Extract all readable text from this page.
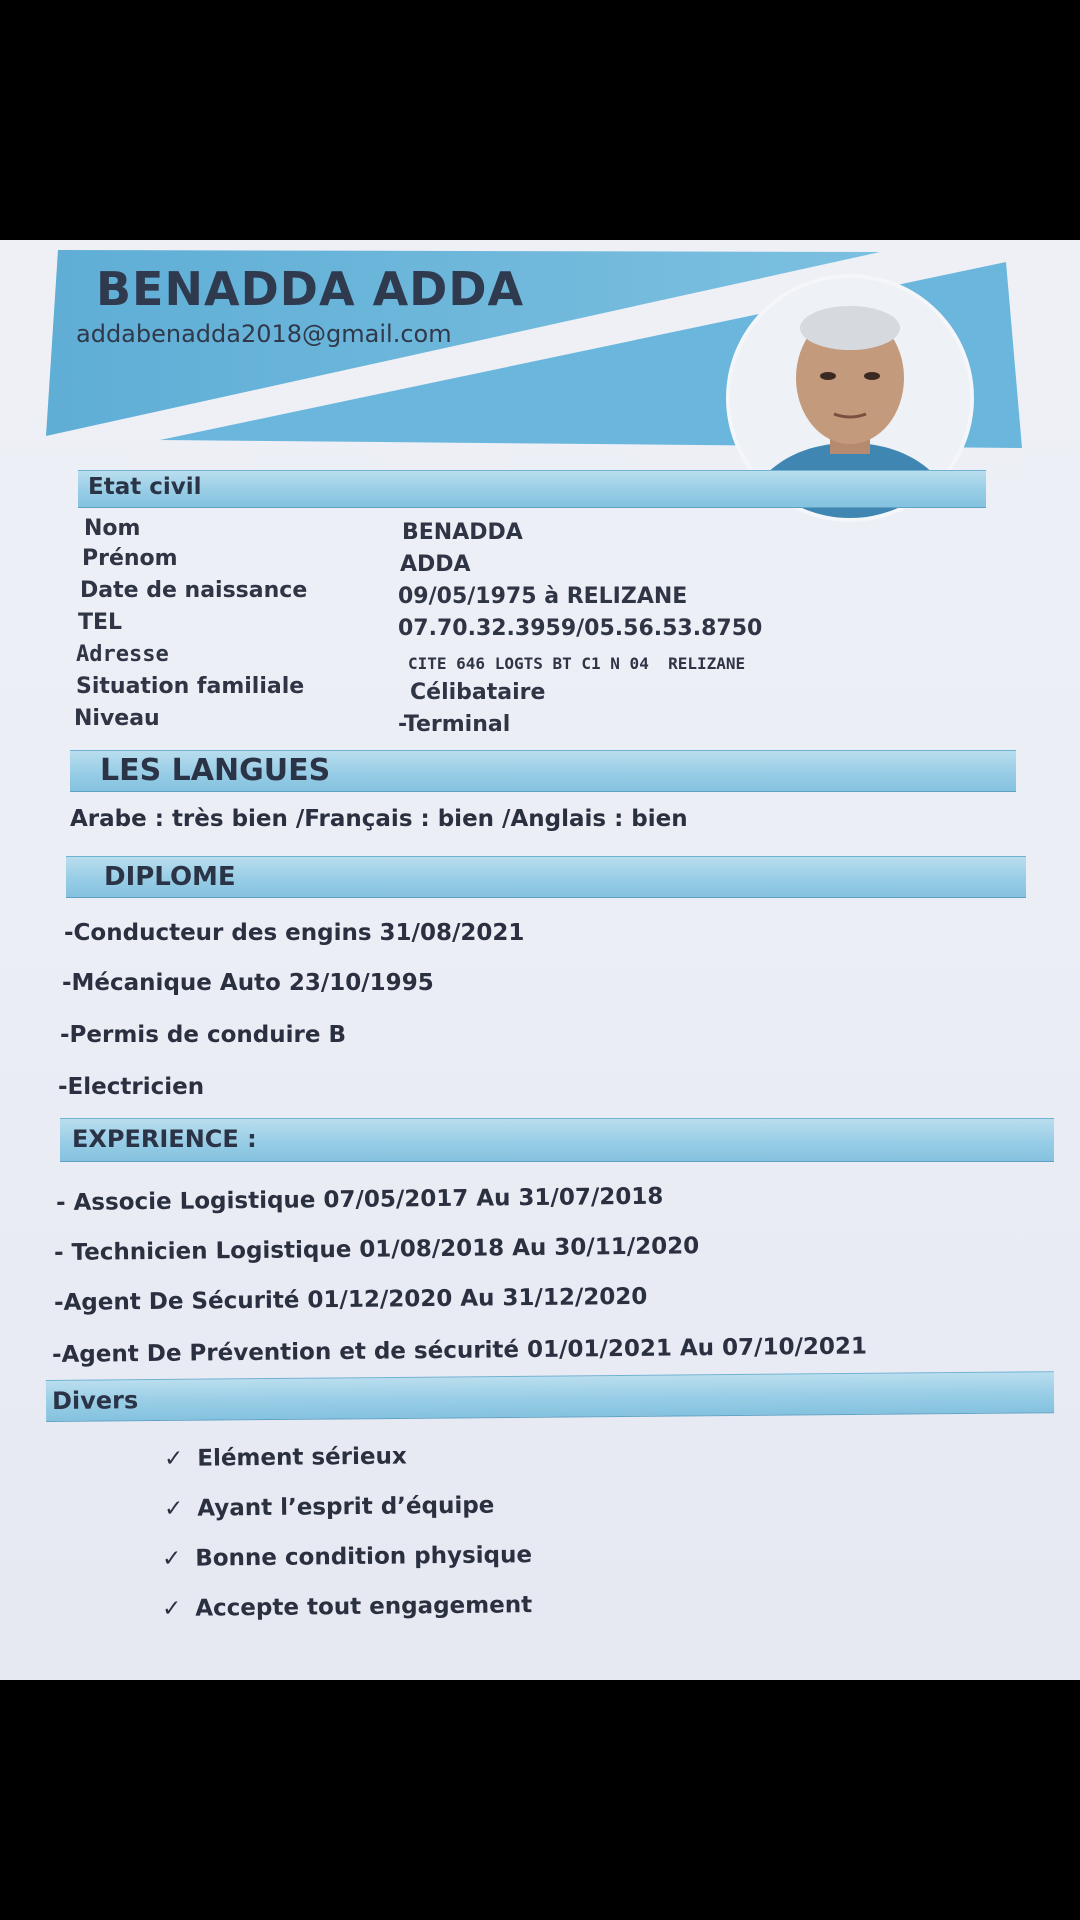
BENADDA ADDA
addabenadda2018@gmail.com
Etat civil
Nom	BENADDA
Prénom	ADDA
Date de naissance	09/05/1975 à RELIZANE
TEL	07.70.32.3959/05.56.53.8750
Adresse	CITE 646 LOGTS BT C1 N 04  RELIZANE
Situation familiale	Célibataire
Niveau	-Terminal
LES LANGUES
Arabe : très bien /Français : bien /Anglais : bien
DIPLOME
-Conducteur des engins 31/08/2021
-Mécanique Auto 23/10/1995
-Permis de conduire B
-Electricien
EXPERIENCE :
- Associe Logistique 07/05/2017 Au 31/07/2018
- Technicien Logistique 01/08/2018 Au 30/11/2020
-Agent De Sécurité 01/12/2020 Au 31/12/2020
-Agent De Prévention et de sécurité 01/01/2021 Au 07/10/2021
Divers
✓ Elément sérieux
✓ Ayant l’esprit d’équipe
✓ Bonne condition physique
✓ Accepte tout engagement
